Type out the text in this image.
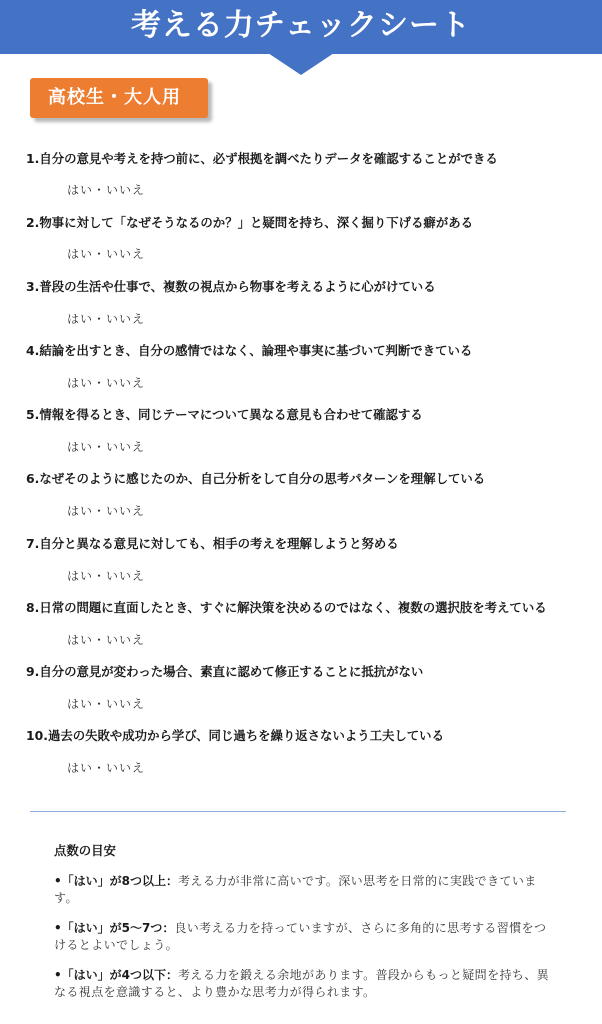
考える力チェックシート
高校生・大人用
1.自分の意見や考えを持つ前に、必ず根拠を調べたりデータを確認することができる
はい・いいえ
2.物事に対して「なぜそうなるのか？」と疑問を持ち、深く掘り下げる癖がある
はい・いいえ
3.普段の生活や仕事で、複数の視点から物事を考えるように心がけている
はい・いいえ
4.結論を出すとき、自分の感情ではなく、論理や事実に基づいて判断できている
はい・いいえ
5.情報を得るとき、同じテーマについて異なる意見も合わせて確認する
はい・いいえ
6.なぜそのように感じたのか、自己分析をして自分の思考パターンを理解している
はい・いいえ
7.自分と異なる意見に対しても、相手の考えを理解しようと努める
はい・いいえ
8.日常の問題に直面したとき、すぐに解決策を決めるのではなく、複数の選択肢を考えている
はい・いいえ
9.自分の意見が変わった場合、素直に認めて修正することに抵抗がない
はい・いいえ
10.過去の失敗や成功から学び、同じ過ちを繰り返さないよう工夫している
はい・いいえ
点数の目安
•「はい」が8つ以上：考える力が非常に高いです。深い思考を日常的に実践できています。
•「はい」が5〜7つ：良い考える力を持っていますが、さらに多角的に思考する習慣をつけるとよいでしょう。
•「はい」が4つ以下：考える力を鍛える余地があります。普段からもっと疑問を持ち、異なる視点を意識すると、より豊かな思考力が得られます。
